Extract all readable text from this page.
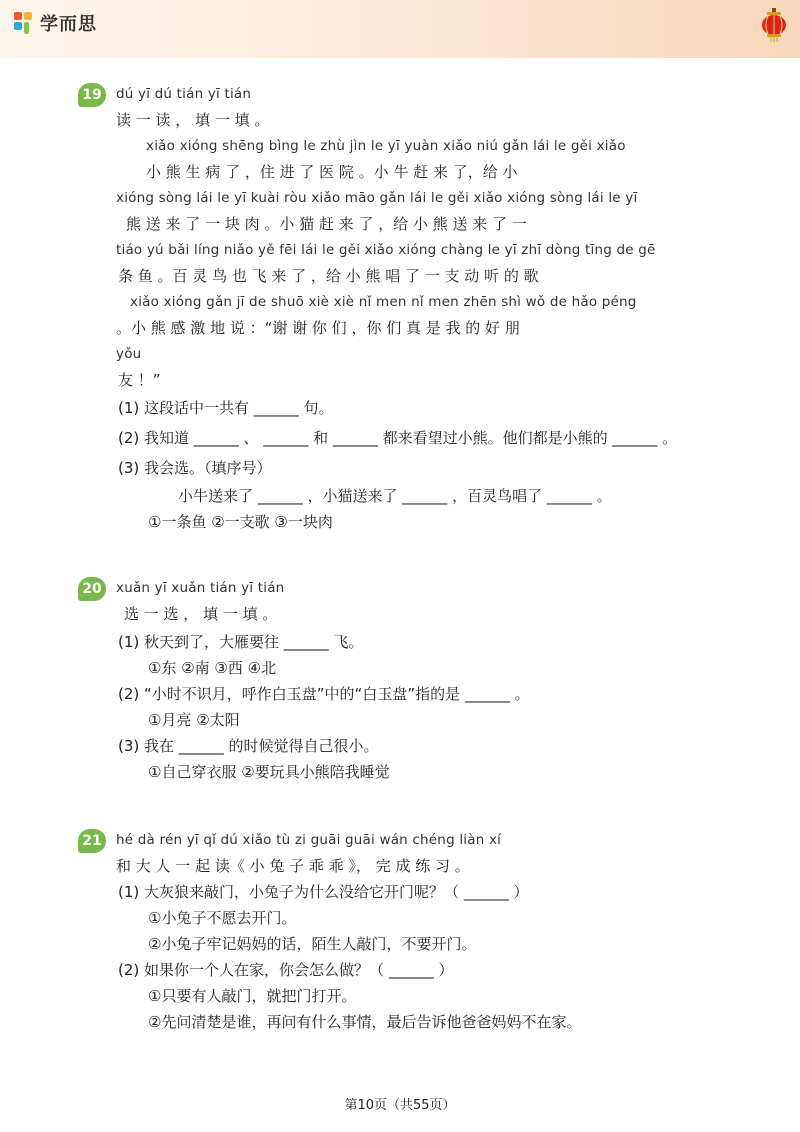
学而思
19	dú yī dú tián yī tián
读 一 读 ， 填 一 填 。
xiǎo xióng shēng bìng le zhù jìn le yī yuàn xiǎo niú gǎn lái le gěi xiǎo
小 熊 生 病 了 ，住 进 了 医 院 。小 牛 赶 来 了，给 小
xióng sòng lái le yī kuài ròu xiǎo māo gǎn lái le gěi xiǎo xióng sòng lái le yī
熊 送 来 了 一 块 肉 。小 猫 赶 来 了 ，给 小 熊 送 来 了 一
tiáo yú bǎi líng niǎo yě fēi lái le gěi xiǎo xióng chàng le yī zhī dòng tīng de gē
条 鱼 。百 灵 鸟 也 飞 来 了 ，给 小 熊 唱 了 一 支 动 听 的 歌
xiǎo xióng gǎn jī de shuō xiè xiè nǐ men nǐ men zhēn shì wǒ de hǎo péng
。小 熊 感 激 地 说 ：“谢 谢 你 们 ，你 们 真 是 我 的 好 朋
yǒu
友 ！”
(1) 这段话中一共有 ______ 句。
(2) 我知道 ______ 、 ______ 和 ______ 都来看望过小熊。他们都是小熊的 ______ 。
(3) 我会选。（填序号）
小牛送来了 ______ ，小猫送来了 ______ ，百灵鸟唱了 ______ 。
①一条鱼 ②一支歌 ③一块肉
20	xuǎn yī xuǎn tián yī tián
选 一 选 ， 填 一 填 。
(1) 秋天到了，大雁要往 ______ 飞。
①东 ②南 ③西 ④北
(2) “小时不识月，呼作白玉盘”中的“白玉盘”指的是 ______ 。
①月亮 ②太阳
(3) 我在 ______ 的时候觉得自己很小。
①自己穿衣服 ②要玩具小熊陪我睡觉
21	hé dà rén yī qǐ dú xiǎo tù zi guāi guāi wán chéng liàn xí
和 大 人 一 起 读《 小 兔 子 乖 乖 》， 完 成 练 习 。
(1) 大灰狼来敲门，小兔子为什么没给它开门呢？（ ______ ）
①小兔子不愿去开门。
②小兔子牢记妈妈的话，陌生人敲门，不要开门。
(2) 如果你一个人在家，你会怎么做？（ ______ ）
①只要有人敲门，就把门打开。
②先问清楚是谁，再问有什么事情，最后告诉他爸爸妈妈不在家。
第10页（共55页）
